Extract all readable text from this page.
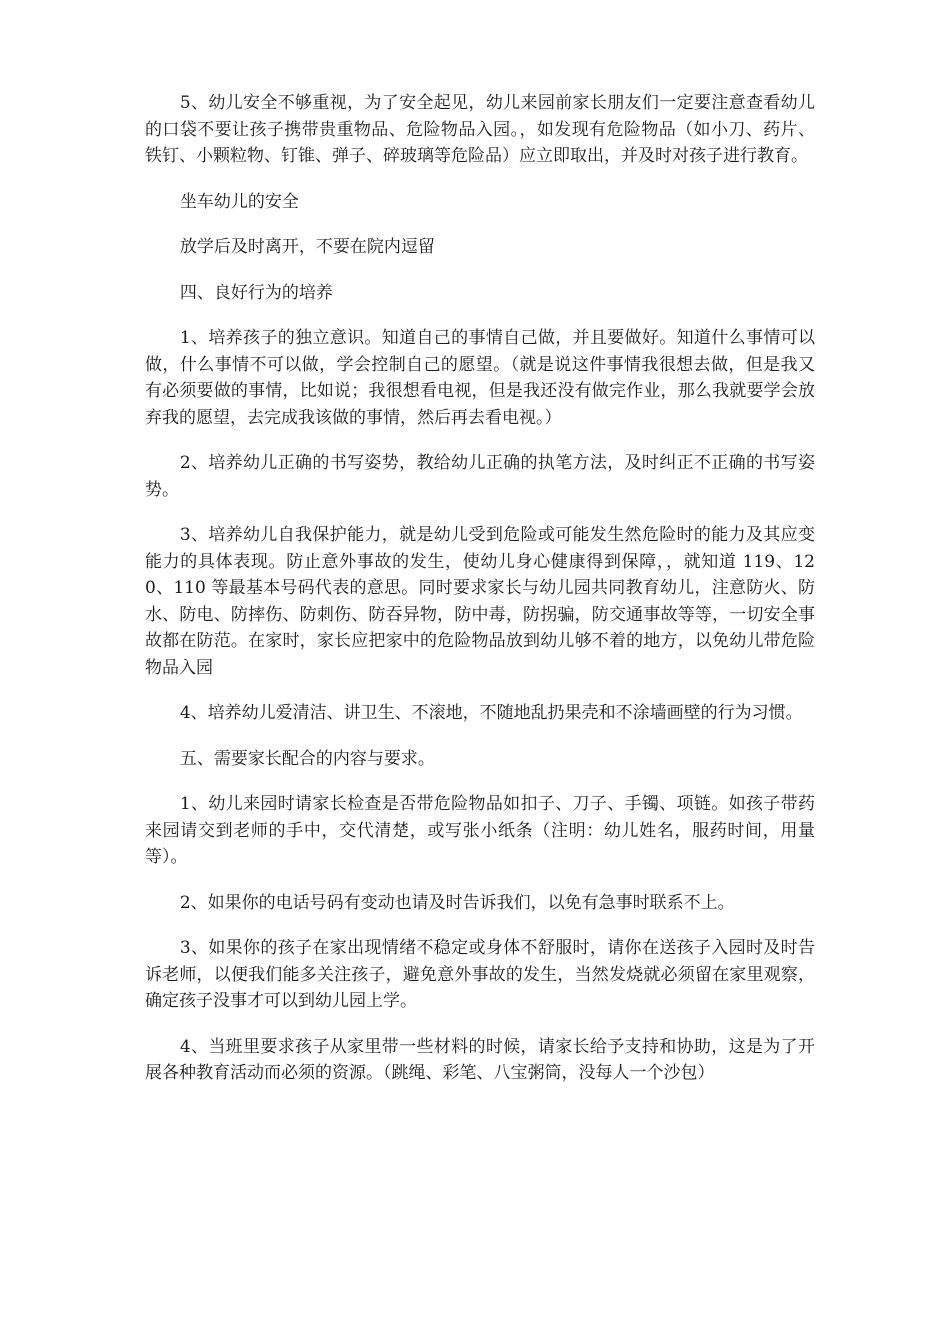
5、幼儿安全不够重视，为了安全起见，幼儿来园前家长朋友们一定要注意查看幼儿的口袋不要让孩子携带贵重物品、危险物品入园。，如发现有危险物品（如小刀、药片、铁钉、小颗粒物、钉锥、弹子、碎玻璃等危险品）应立即取出，并及时对孩子进行教育。

坐车幼儿的安全

放学后及时离开，不要在院内逗留

四、良好行为的培养

1、培养孩子的独立意识。知道自己的事情自己做，并且要做好。知道什么事情可以做，什么事情不可以做，学会控制自己的愿望。（就是说这件事情我很想去做，但是我又有必须要做的事情，比如说；我很想看电视，但是我还没有做完作业，那么我就要学会放弃我的愿望，去完成我该做的事情，然后再去看电视。）

2、培养幼儿正确的书写姿势，教给幼儿正确的执笔方法，及时纠正不正确的书写姿势。

3、培养幼儿自我保护能力，就是幼儿受到危险或可能发生然危险时的能力及其应变能力的具体表现。防止意外事故的发生，使幼儿身心健康得到保障，，就知道 119、120、110 等最基本号码代表的意思。同时要求家长与幼儿园共同教育幼儿，注意防火、防水、防电、防摔伤、防刺伤、防吞异物，防中毒，防拐骗，防交通事故等等，一切安全事故都在防范。在家时，家长应把家中的危险物品放到幼儿够不着的地方，以免幼儿带危险物品入园

4、培养幼儿爱清洁、讲卫生、不滚地，不随地乱扔果壳和不涂墙画壁的行为习惯。

五、需要家长配合的内容与要求。

1、幼儿来园时请家长检查是否带危险物品如扣子、刀子、手镯、项链。如孩子带药来园请交到老师的手中，交代清楚，或写张小纸条（注明：幼儿姓名，服药时间，用量等）。

2、如果你的电话号码有变动也请及时告诉我们，以免有急事时联系不上。

3、如果你的孩子在家出现情绪不稳定或身体不舒服时，请你在送孩子入园时及时告诉老师，以便我们能多关注孩子，避免意外事故的发生，当然发烧就必须留在家里观察，确定孩子没事才可以到幼儿园上学。

4、当班里要求孩子从家里带一些材料的时候，请家长给予支持和协助，这是为了开展各种教育活动而必须的资源。（跳绳、彩笔、八宝粥筒，没每人一个沙包）
